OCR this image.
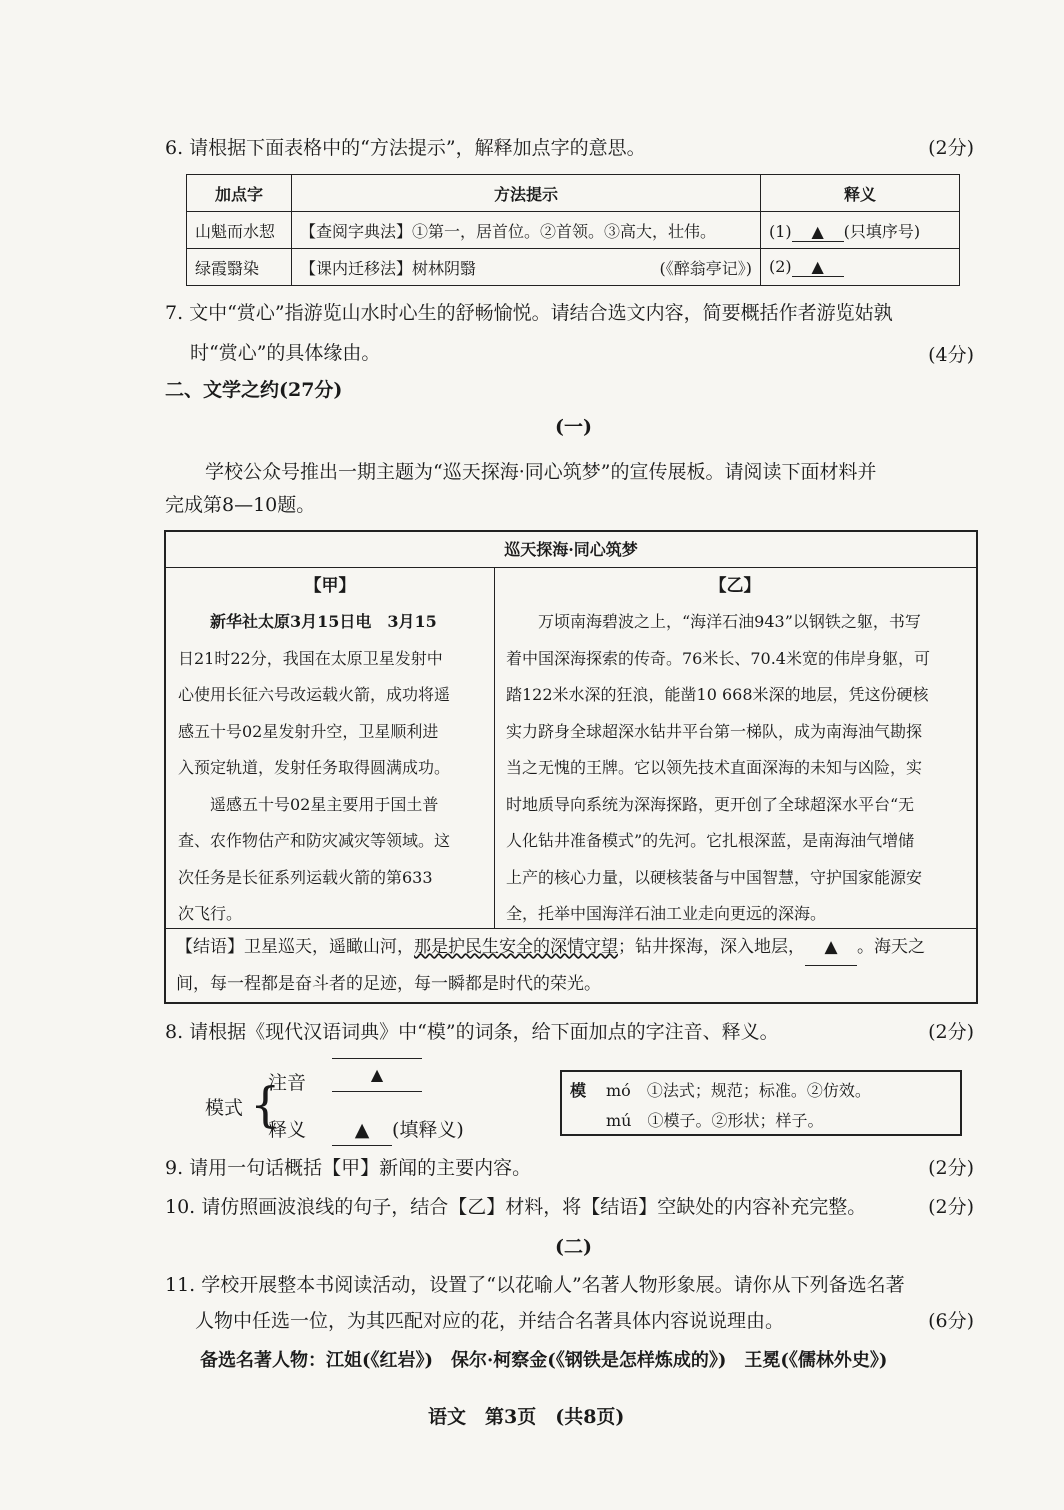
6. 请根据下面表格中的“方法提示”，解释加点字的意思。	(2分)
加点字	方法提示	释义
山魁而水恝	【查阅字典法】①第一，居首位。②首领。③高大，壮伟。	(1) ▲ (只填序号)
绿霞翳染	【课内迁移法】树林阴翳 (《醉翁亭记》)	(2) ▲
7. 文中“赏心”指游览山水时心生的舒畅愉悦。请结合选文内容，简要概括作者游览姑孰
时“赏心”的具体缘由。	(4分)
二、文学之约(27分)
(一)
学校公众号推出一期主题为“巡天探海·同心筑梦”的宣传展板。请阅读下面材料并
完成第8—10题。
巡天探海·同心筑梦
【甲】
新华社太原3月15日电　3月15
日21时22分，我国在太原卫星发射中
心使用长征六号改运载火箭，成功将遥
感五十号02星发射升空，卫星顺利进
入预定轨道，发射任务取得圆满成功。
遥感五十号02星主要用于国土普
查、农作物估产和防灾减灾等领域。这
次任务是长征系列运载火箭的第633
次飞行。
【乙】
万顷南海碧波之上，“海洋石油943”以钢铁之躯，书写
着中国深海探索的传奇。76米长、70.4米宽的伟岸身躯，可
踏122米水深的狂浪，能凿10 668米深的地层，凭这份硬核
实力跻身全球超深水钻井平台第一梯队，成为南海油气勘探
当之无愧的王牌。它以领先技术直面深海的未知与凶险，实
时地质导向系统为深海探路，更开创了全球超深水平台“无
人化钻井准备模式”的先河。它扎根深蓝，是南海油气增储
上产的核心力量，以硬核装备与中国智慧，守护国家能源安
全，托举中国海洋石油工业走向更远的深海。
【结语】卫星巡天，遥瞰山河，那是护民生安全的深情守望；钻井探海，深入地层， ▲ 。海天之
间，每一程都是奋斗者的足迹，每一瞬都是时代的荣光。
8. 请根据《现代汉语词典》中“模”的词条，给下面加点的字注音、释义。	(2分)
模式 {
注音	▲
释义	▲ (填释义)
模 mó　 ①法式；规范；标准。②仿效。
mú　 ①模子。②形状；样子。
9. 请用一句话概括【甲】新闻的主要内容。	(2分)
10. 请仿照画波浪线的句子，结合【乙】材料，将【结语】空缺处的内容补充完整。	(2分)
(二)
11. 学校开展整本书阅读活动，设置了“以花喻人”名著人物形象展。请你从下列备选名著
人物中任选一位，为其匹配对应的花，并结合名著具体内容说说理由。	(6分)
备选名著人物：江姐(《红岩》)　保尔·柯察金(《钢铁是怎样炼成的》)　王冕(《儒林外史》)
语文　第3页　(共8页)
